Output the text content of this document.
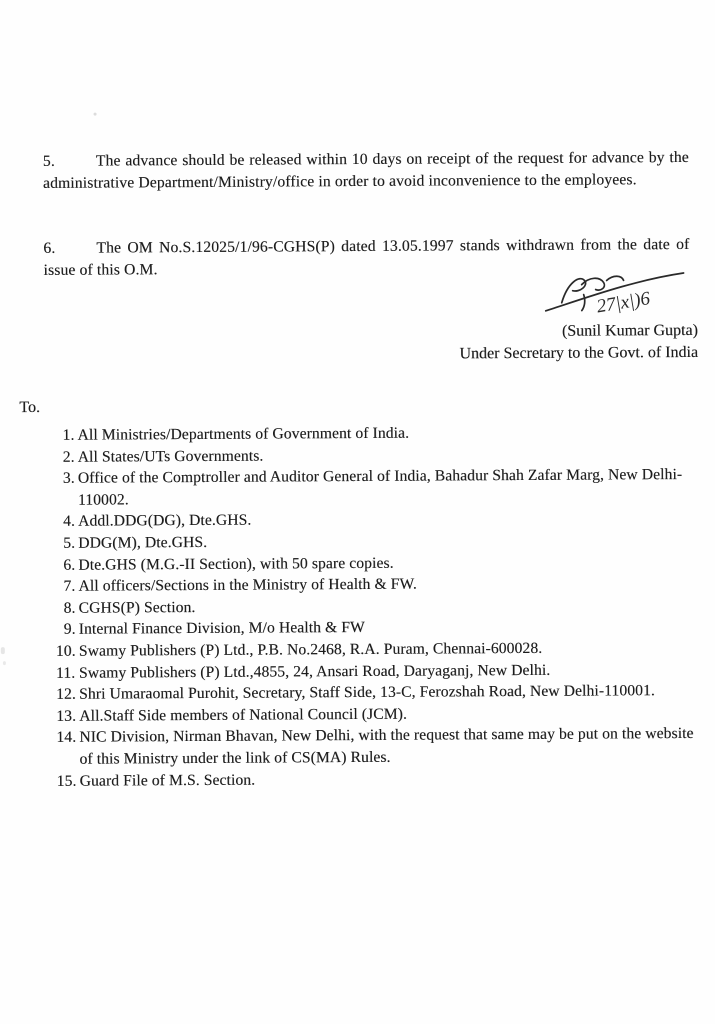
5.	The advance should be released within 10 days on receipt of the request for advance by the administrative Department/Ministry/office in order to avoid inconvenience to the employees.
6.	The OM No.S.12025/1/96-CGHS(P) dated 13.05.1997 stands withdrawn from the date of issue of this O.M.
27|x|)6
(Sunil Kumar Gupta)
Under Secretary to the Govt. of India
To.
1. All Ministries/Departments of Government of India.
2. All States/UTs Governments.
3. Office of the Comptroller and Auditor General of India, Bahadur Shah Zafar Marg, New Delhi-110002.
4. Addl.DDG(DG), Dte.GHS.
5. DDG(M), Dte.GHS.
6. Dte.GHS (M.G.-II Section), with 50 spare copies.
7. All officers/Sections in the Ministry of Health & FW.
8. CGHS(P) Section.
9. Internal Finance Division, M/o Health & FW
10. Swamy Publishers (P) Ltd., P.B. No.2468, R.A. Puram, Chennai-600028.
11. Swamy Publishers (P) Ltd.,4855, 24, Ansari Road, Daryaganj, New Delhi.
12. Shri Umaraomal Purohit, Secretary, Staff Side, 13-C, Ferozshah Road, New Delhi-110001.
13. All.Staff Side members of National Council (JCM).
14. NIC Division, Nirman Bhavan, New Delhi, with the request that same may be put on the website of this Ministry under the link of CS(MA) Rules.
15. Guard File of M.S. Section.
